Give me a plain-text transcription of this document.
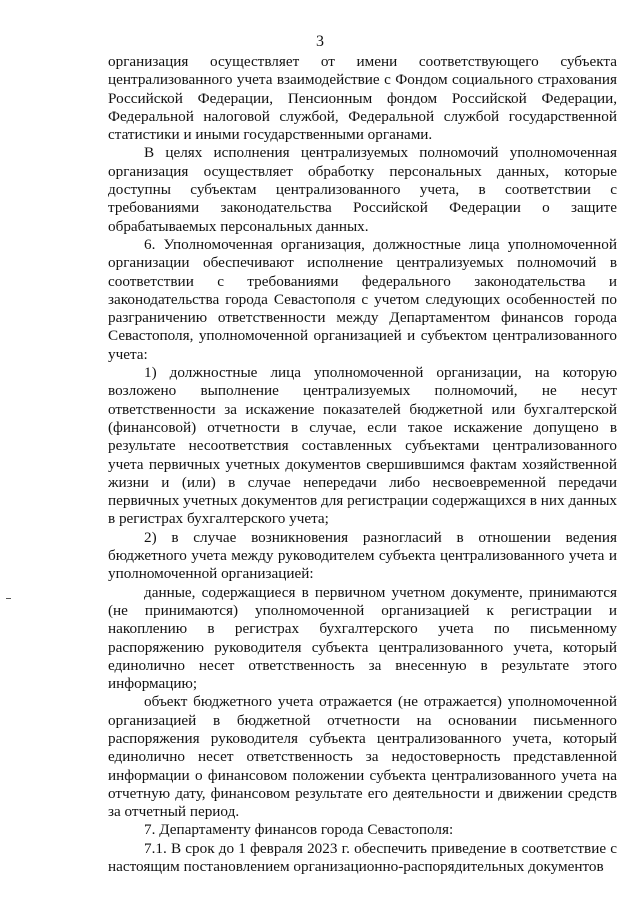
3

организация осуществляет от имени соответствующего субъекта централизованного учета взаимодействие с Фондом социального страхования Российской Федерации, Пенсионным фондом Российской Федерации, Федеральной налоговой службой, Федеральной службой государственной статистики и иными государственными органами.

В целях исполнения централизуемых полномочий уполномоченная организация осуществляет обработку персональных данных, которые доступны субъектам централизованного учета, в соответствии с требованиями законодательства Российской Федерации о защите обрабатываемых персональных данных.

6. Уполномоченная организация, должностные лица уполномоченной организации обеспечивают исполнение централизуемых полномочий в соответствии с требованиями федерального законодательства и законодательства города Севастополя с учетом следующих особенностей по разграничению ответственности между Департаментом финансов города Севастополя, уполномоченной организацией и субъектом централизованного учета:

1) должностные лица уполномоченной организации, на которую возложено выполнение централизуемых полномочий, не несут ответственности за искажение показателей бюджетной или бухгалтерской (финансовой) отчетности в случае, если такое искажение допущено в результате несоответствия составленных субъектами централизованного учета первичных учетных документов свершившимся фактам хозяйственной жизни и (или) в случае непередачи либо несвоевременной передачи первичных учетных документов для регистрации содержащихся в них данных в регистрах бухгалтерского учета;

2) в случае возникновения разногласий в отношении ведения бюджетного учета между руководителем субъекта централизованного учета и уполномоченной организацией:

данные, содержащиеся в первичном учетном документе, принимаются (не принимаются) уполномоченной организацией к регистрации и накоплению в регистрах бухгалтерского учета по письменному распоряжению руководителя субъекта централизованного учета, который единолично несет ответственность за внесенную в результате этого информацию;

объект бюджетного учета отражается (не отражается) уполномоченной организацией в бюджетной отчетности на основании письменного распоряжения руководителя субъекта централизованного учета, который единолично несет ответственность за недостоверность представленной информации о финансовом положении субъекта централизованного учета на отчетную дату, финансовом результате его деятельности и движении средств за отчетный период.

7. Департаменту финансов города Севастополя:

7.1. В срок до 1 февраля 2023 г. обеспечить приведение в соответствие с настоящим постановлением организационно-распорядительных документов
